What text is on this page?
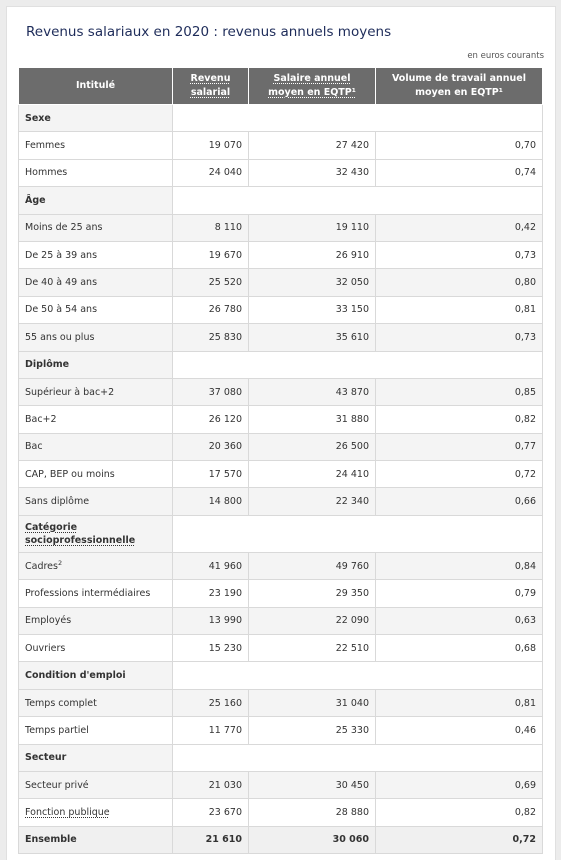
Revenus salariaux en 2020 : revenus annuels moyens
en euros courants
Intitulé	Revenu salarial	Salaire annuel moyen en EQTP¹	Volume de travail annuel moyen en EQTP¹
Sexe			
Femmes	19 070	27 420	0,70
Hommes	24 040	32 430	0,74
Âge			
Moins de 25 ans	8 110	19 110	0,42
De 25 à 39 ans	19 670	26 910	0,73
De 40 à 49 ans	25 520	32 050	0,80
De 50 à 54 ans	26 780	33 150	0,81
55 ans ou plus	25 830	35 610	0,73
Diplôme			
Supérieur à bac+2	37 080	43 870	0,85
Bac+2	26 120	31 880	0,82
Bac	20 360	26 500	0,77
CAP, BEP ou moins	17 570	24 410	0,72
Sans diplôme	14 800	22 340	0,66
Catégorie socioprofessionnelle			
Cadres$^2$	41 960	49 760	0,84
Professions intermédiaires	23 190	29 350	0,79
Employés	13 990	22 090	0,63
Ouvriers	15 230	22 510	0,68
Condition d'emploi			
Temps complet	25 160	31 040	0,81
Temps partiel	11 770	25 330	0,46
Secteur			
Secteur privé	21 030	30 450	0,69
Fonction publique	23 670	28 880	0,82
Ensemble	21 610	30 060	0,72
